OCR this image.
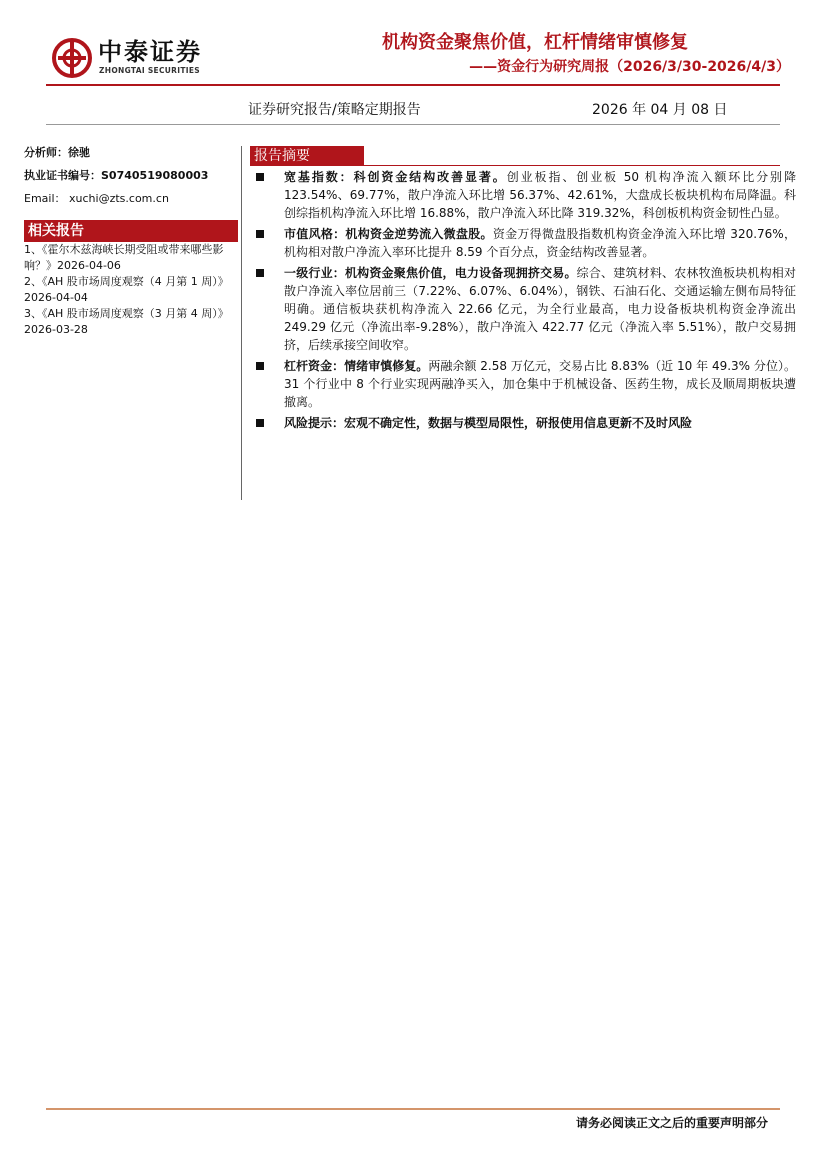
中泰证券
ZHONGTAI SECURITIES
机构资金聚焦价值，杠杆情绪审慎修复
——资金行为研究周报（2026/3/30-2026/4/3）
证券研究报告/策略定期报告	2026 年 04 月 08 日
分析师：徐驰
执业证书编号：S0740519080003
Email： xuchi@zts.com.cn
相关报告
1、《霍尔木兹海峡长期受阻或带来哪些影响？》2026-04-06
2、《AH 股市场周度观察（4 月第 1 周）》2026-04-04
3、《AH 股市场周度观察（3 月第 4 周）》2026-03-28
报告摘要
宽基指数：科创资金结构改善显著。创业板指、创业板 50 机构净流入额环比分别降 123.54%、69.77%，散户净流入环比增 56.37%、42.61%，大盘成长板块机构布局降温。科创综指机构净流入环比增 16.88%，散户净流入环比降 319.32%，科创板机构资金韧性凸显。
市值风格：机构资金逆势流入微盘股。资金万得微盘股指数机构资金净流入环比增 320.76%，机构相对散户净流入率环比提升 8.59 个百分点，资金结构改善显著。
一级行业：机构资金聚焦价值，电力设备现拥挤交易。综合、建筑材料、农林牧渔板块机构相对散户净流入率位居前三（7.22%、6.07%、6.04%），钢铁、石油石化、交通运输左侧布局特征明确。通信板块获机构净流入 22.66 亿元，为全行业最高，电力设备板块机构资金净流出 249.29 亿元（净流出率-9.28%），散户净流入 422.77 亿元（净流入率 5.51%），散户交易拥挤，后续承接空间收窄。
杠杆资金：情绪审慎修复。两融余额 2.58 万亿元，交易占比 8.83%（近 10 年 49.3% 分位）。31 个行业中 8 个行业实现两融净买入，加仓集中于机械设备、医药生物，成长及顺周期板块遭撤离。
风险提示：宏观不确定性，数据与模型局限性，研报使用信息更新不及时风险
请务必阅读正文之后的重要声明部分
